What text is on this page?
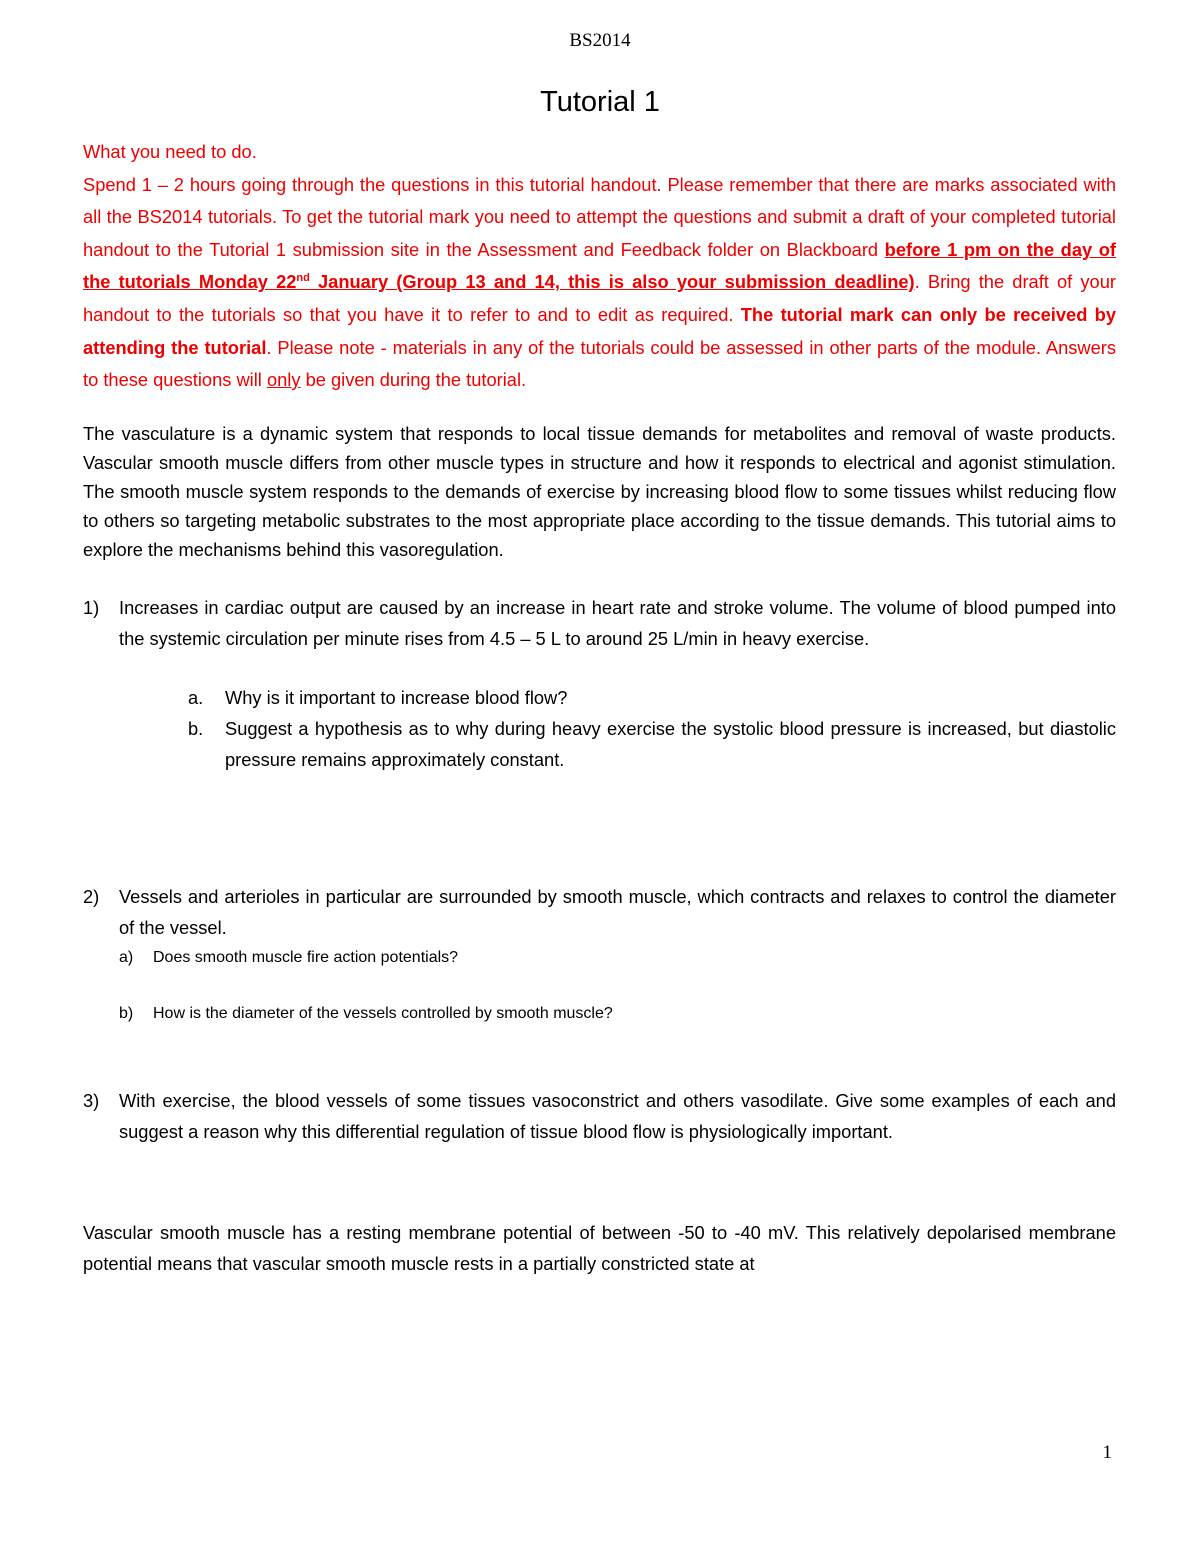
BS2014
Tutorial 1

What you need to do.

Spend 1 – 2 hours going through the questions in this tutorial handout. Please remember that there are marks associated with all the BS2014 tutorials. To get the tutorial mark you need to attempt the questions and submit a draft of your completed tutorial handout to the Tutorial 1 submission site in the Assessment and Feedback folder on Blackboard before 1 pm on the day of the tutorials Monday 22nd January (Group 13 and 14, this is also your submission deadline). Bring the draft of your handout to the tutorials so that you have it to refer to and to edit as required. The tutorial mark can only be received by attending the tutorial. Please note - materials in any of the tutorials could be assessed in other parts of the module. Answers to these questions will only be given during the tutorial.

The vasculature is a dynamic system that responds to local tissue demands for metabolites and removal of waste products. Vascular smooth muscle differs from other muscle types in structure and how it responds to electrical and agonist stimulation. The smooth muscle system responds to the demands of exercise by increasing blood flow to some tissues whilst reducing flow to others so targeting metabolic substrates to the most appropriate place according to the tissue demands. This tutorial aims to explore the mechanisms behind this vasoregulation.

1) Increases in cardiac output are caused by an increase in heart rate and stroke volume. The volume of blood pumped into the systemic circulation per minute rises from 4.5 – 5 L to around 25 L/min in heavy exercise.
a. Why is it important to increase blood flow?
b. Suggest a hypothesis as to why during heavy exercise the systolic blood pressure is increased, but diastolic pressure remains approximately constant.
2) Vessels and arterioles in particular are surrounded by smooth muscle, which contracts and relaxes to control the diameter of the vessel.
a) Does smooth muscle fire action potentials?
b) How is the diameter of the vessels controlled by smooth muscle?
3) With exercise, the blood vessels of some tissues vasoconstrict and others vasodilate. Give some examples of each and suggest a reason why this differential regulation of tissue blood flow is physiologically important.

Vascular smooth muscle has a resting membrane potential of between -50 to -40 mV. This relatively depolarised membrane potential means that vascular smooth muscle rests in a partially constricted state at

1
